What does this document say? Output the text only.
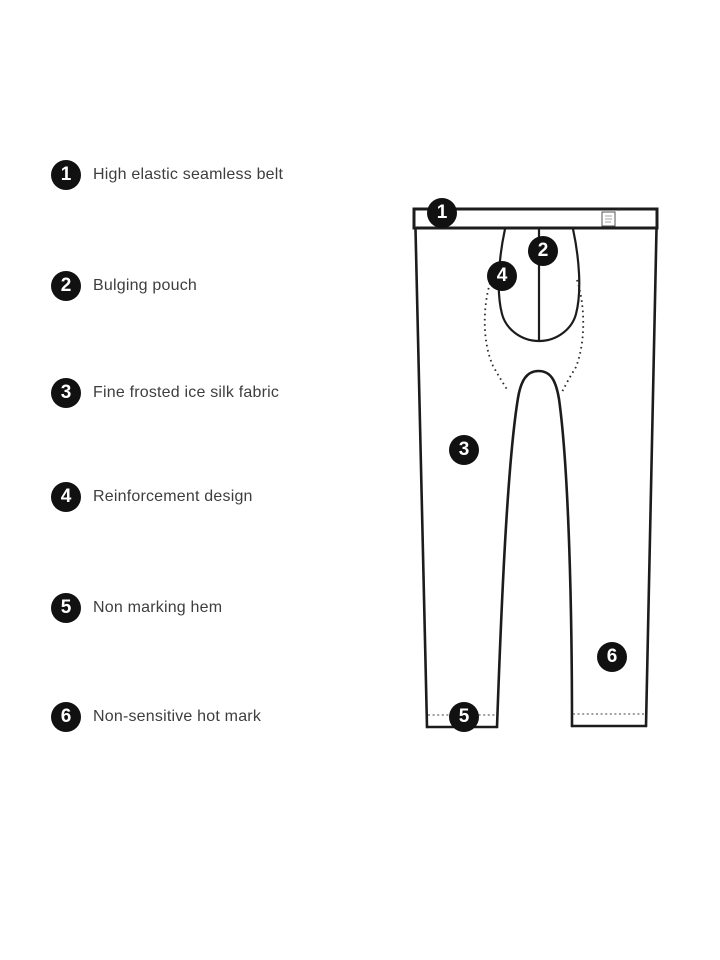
1	High elastic seamless belt
2	Bulging pouch
3	Fine frosted ice silk fabric
4	Reinforcement design
5	Non marking hem
6	Non-sensitive hot mark
*
1
2
3
4
5
6
